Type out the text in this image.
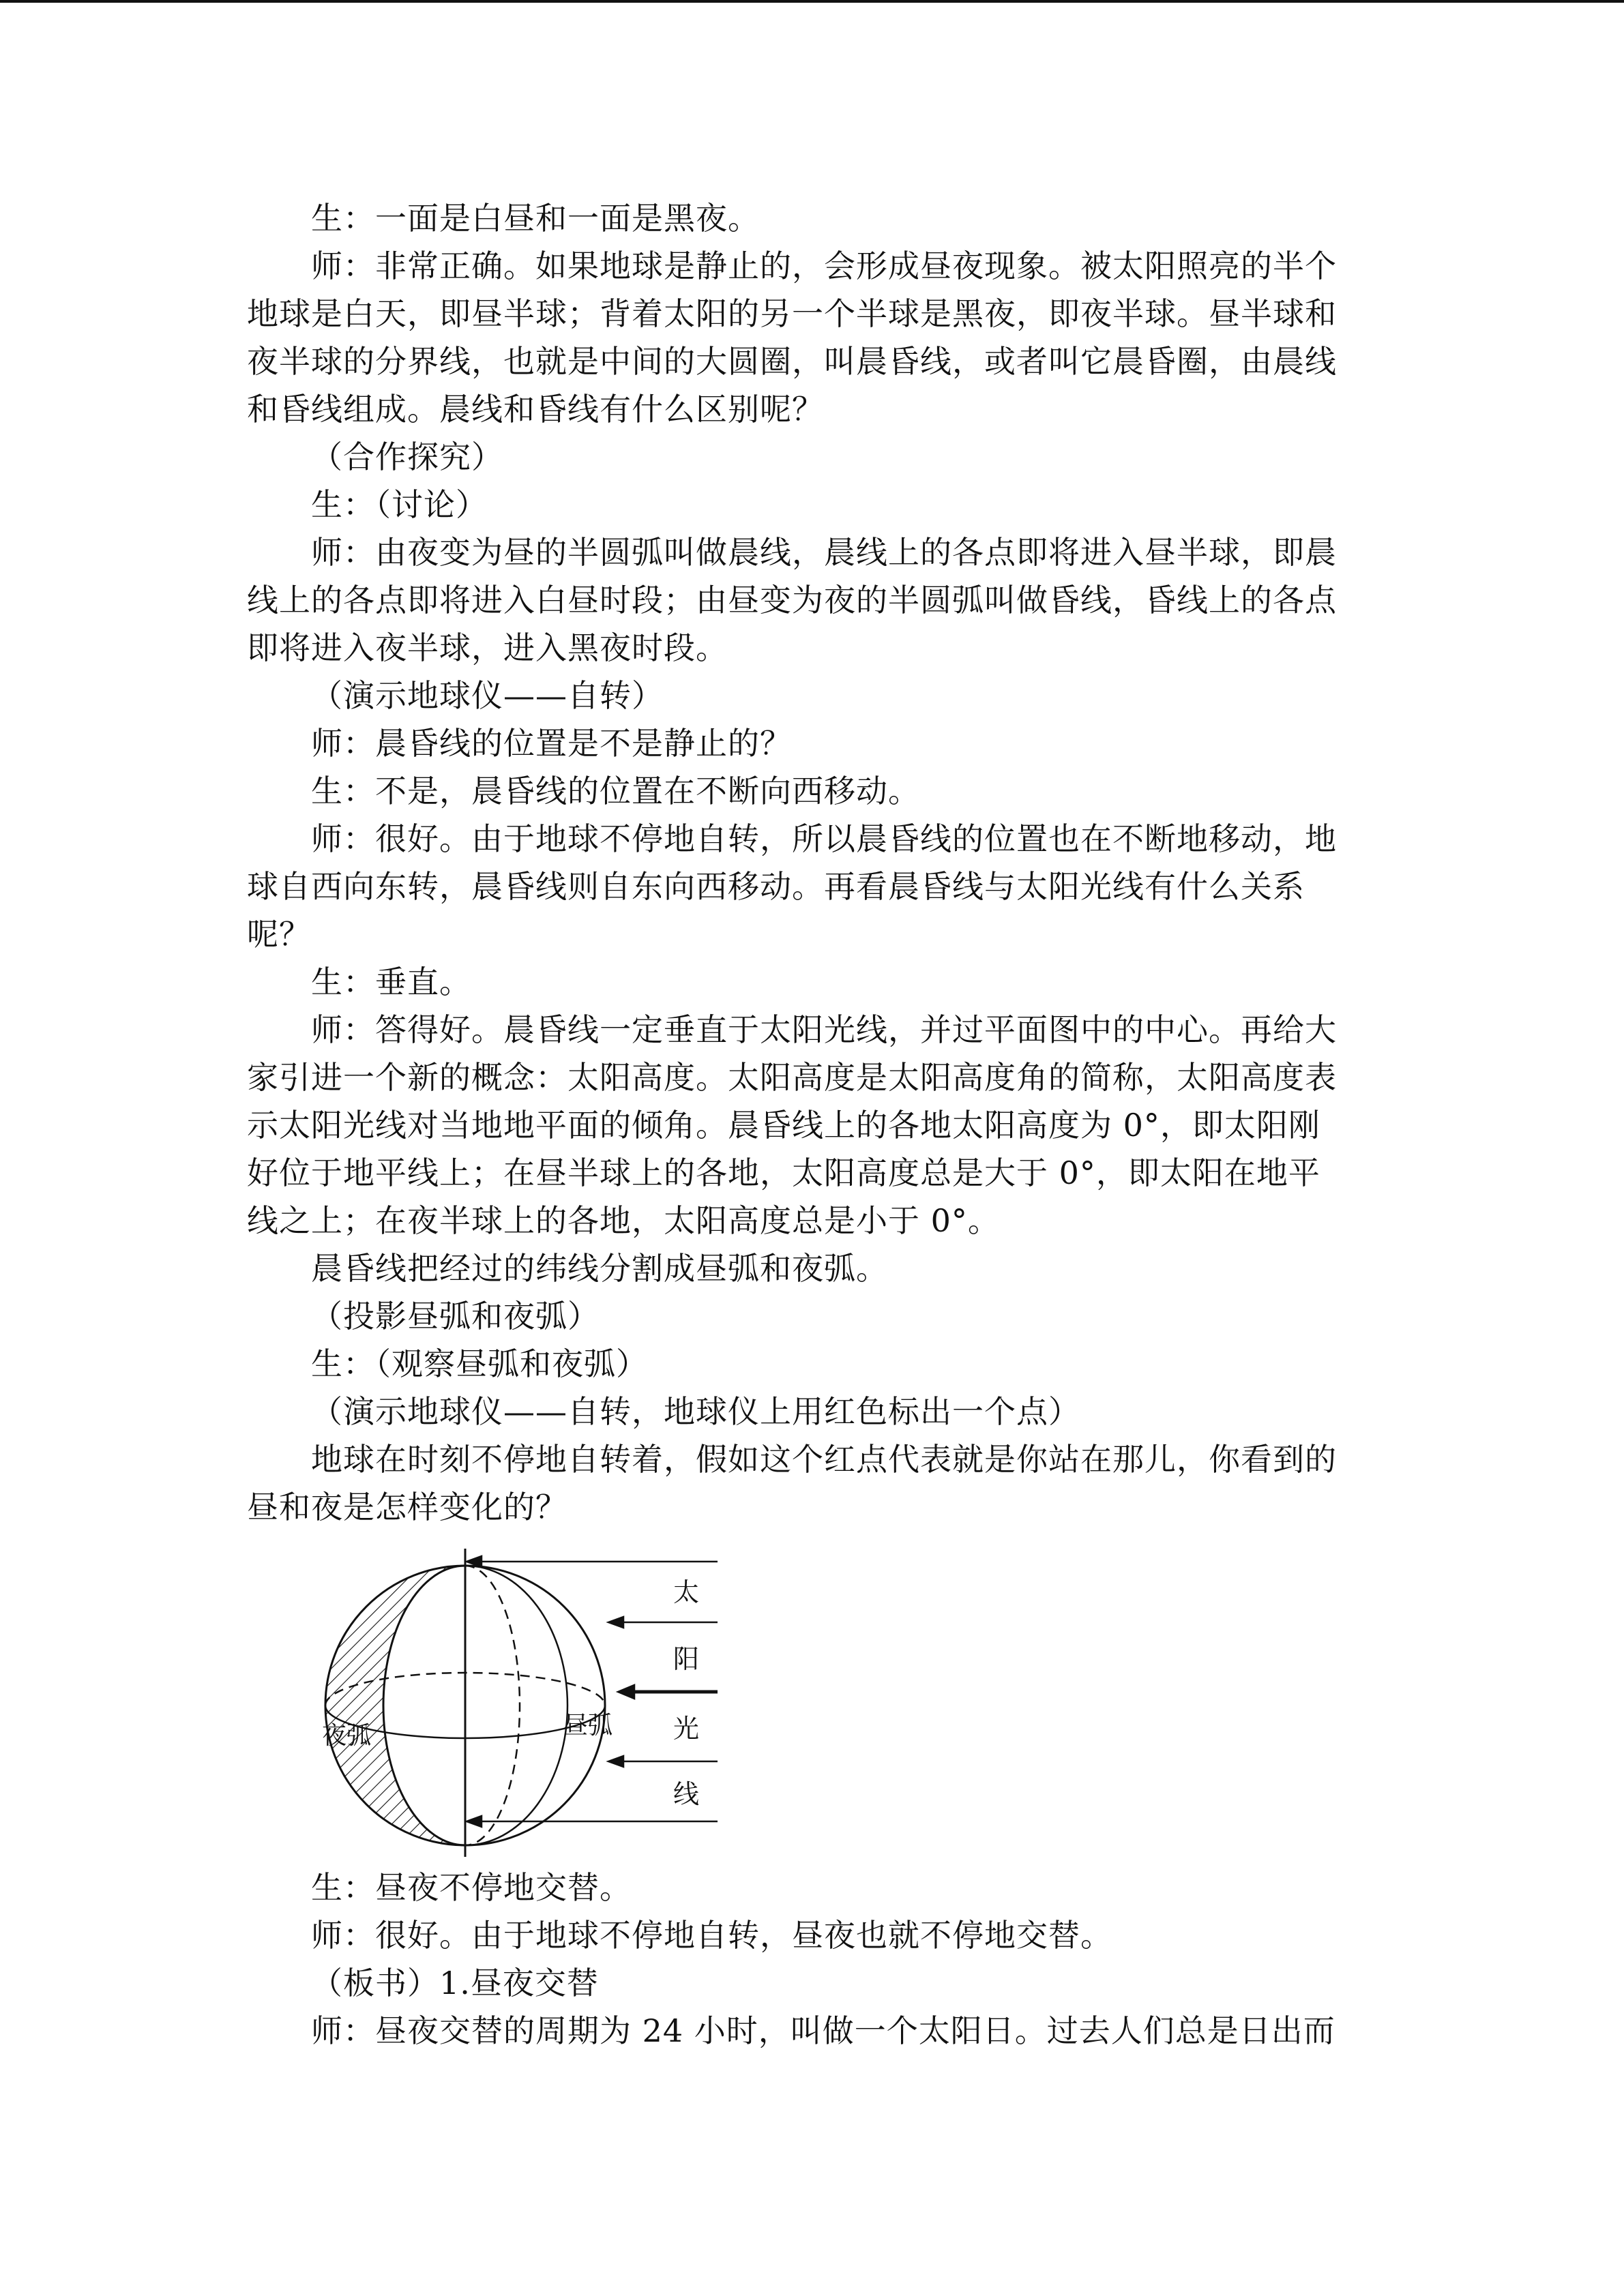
生：一面是白昼和一面是黑夜。
师：非常正确。如果地球是静止的，会形成昼夜现象。被太阳照亮的半个
地球是白天，即昼半球；背着太阳的另一个半球是黑夜，即夜半球。昼半球和
夜半球的分界线，也就是中间的大圆圈，叫晨昏线，或者叫它晨昏圈，由晨线
和昏线组成。晨线和昏线有什么区别呢？
（合作探究）
生：（讨论）
师：由夜变为昼的半圆弧叫做晨线，晨线上的各点即将进入昼半球，即晨
线上的各点即将进入白昼时段；由昼变为夜的半圆弧叫做昏线，昏线上的各点
即将进入夜半球，进入黑夜时段。
（演示地球仪——自转）
师：晨昏线的位置是不是静止的？
生：不是，晨昏线的位置在不断向西移动。
师：很好。由于地球不停地自转，所以晨昏线的位置也在不断地移动，地
球自西向东转，晨昏线则自东向西移动。再看晨昏线与太阳光线有什么关系
呢？
生：垂直。
师：答得好。晨昏线一定垂直于太阳光线，并过平面图中的中心。再给大
家引进一个新的概念：太阳高度。太阳高度是太阳高度角的简称，太阳高度表
示太阳光线对当地地平面的倾角。晨昏线上的各地太阳高度为 0°，即太阳刚
好位于地平线上；在昼半球上的各地，太阳高度总是大于 0°，即太阳在地平
线之上；在夜半球上的各地，太阳高度总是小于 0°。
晨昏线把经过的纬线分割成昼弧和夜弧。
（投影昼弧和夜弧）
生：（观察昼弧和夜弧）
（演示地球仪——自转，地球仪上用红色标出一个点）
地球在时刻不停地自转着，假如这个红点代表就是你站在那儿，你看到的
昼和夜是怎样变化的？
夜弧	昼弧
太
阳
光
线
生：昼夜不停地交替。
师：很好。由于地球不停地自转，昼夜也就不停地交替。
（板书）1.昼夜交替
师：昼夜交替的周期为 24 小时，叫做一个太阳日。过去人们总是日出而
